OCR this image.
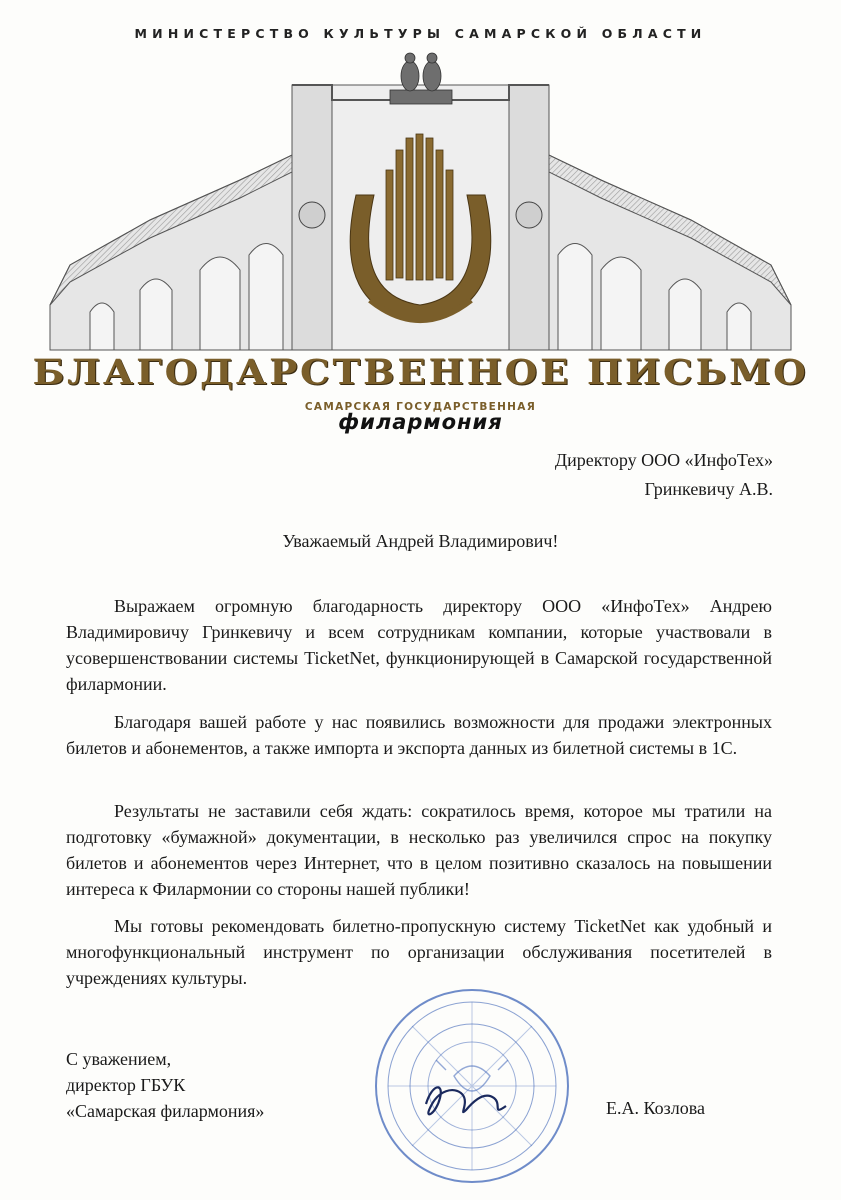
МИНИСТЕРСТВО КУЛЬТУРЫ САМАРСКОЙ ОБЛАСТИ
БЛАГОДАРСТВЕННОЕ ПИСЬМО
САМАРСКАЯ ГОСУДАРСТВЕННАЯ
филармония
Директору ООО «ИнфоТех»
Гринкевичу А.В.
Уважаемый Андрей Владимирович!

Выражаем огромную благодарность директору ООО «ИнфоТех» Андрею Владимировичу Гринкевичу и всем сотрудникам компании, которые участвовали в усовершенствовании системы TicketNet, функционирующей в Самарской государственной филармонии.

Благодаря вашей работе у нас появились возможности для продажи электронных билетов и абонементов, а также импорта и экспорта данных из билетной системы в 1С.

Результаты не заставили себя ждать: сократилось время, которое мы тратили на подготовку «бумажной» документации, в несколько раз увеличился спрос на покупку билетов и абонементов через Интернет, что в целом позитивно сказалось на повышении интереса к Филармонии со стороны нашей публики!

Мы готовы рекомендовать билетно-пропускную систему TicketNet как удобный и многофункциональный инструмент по организации обслуживания посетителей в учреждениях культуры.

С уважением,
директор ГБУК
«Самарская филармония»	Е.А. Козлова
